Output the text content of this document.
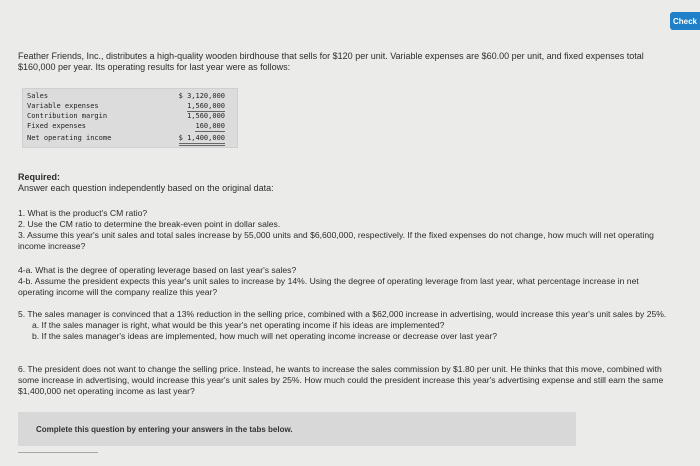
Check
Feather Friends, Inc., distributes a high-quality wooden birdhouse that sells for $120 per unit. Variable expenses are $60.00 per unit, and fixed expenses total $160,000 per year. Its operating results for last year were as follows:
Sales	$ 3,120,000
Variable expenses	1,560,000
Contribution margin	1,560,000
Fixed expenses	160,000
Net operating income	$ 1,400,000
Required:
Answer each question independently based on the original data:
1. What is the product's CM ratio?
2. Use the CM ratio to determine the break-even point in dollar sales.
3. Assume this year's unit sales and total sales increase by 55,000 units and $6,600,000, respectively. If the fixed expenses do not change, how much will net operating income increase?
4-a. What is the degree of operating leverage based on last year's sales?
4-b. Assume the president expects this year's unit sales to increase by 14%. Using the degree of operating leverage from last year, what percentage increase in net operating income will the company realize this year?
5. The sales manager is convinced that a 13% reduction in the selling price, combined with a $62,000 increase in advertising, would increase this year's unit sales by 25%.
a. If the sales manager is right, what would be this year's net operating income if his ideas are implemented?
b. If the sales manager's ideas are implemented, how much will net operating income increase or decrease over last year?
6. The president does not want to change the selling price. Instead, he wants to increase the sales commission by $1.80 per unit. He thinks that this move, combined with some increase in advertising, would increase this year's unit sales by 25%. How much could the president increase this year's advertising expense and still earn the same $1,400,000 net operating income as last year?
Complete this question by entering your answers in the tabs below.
